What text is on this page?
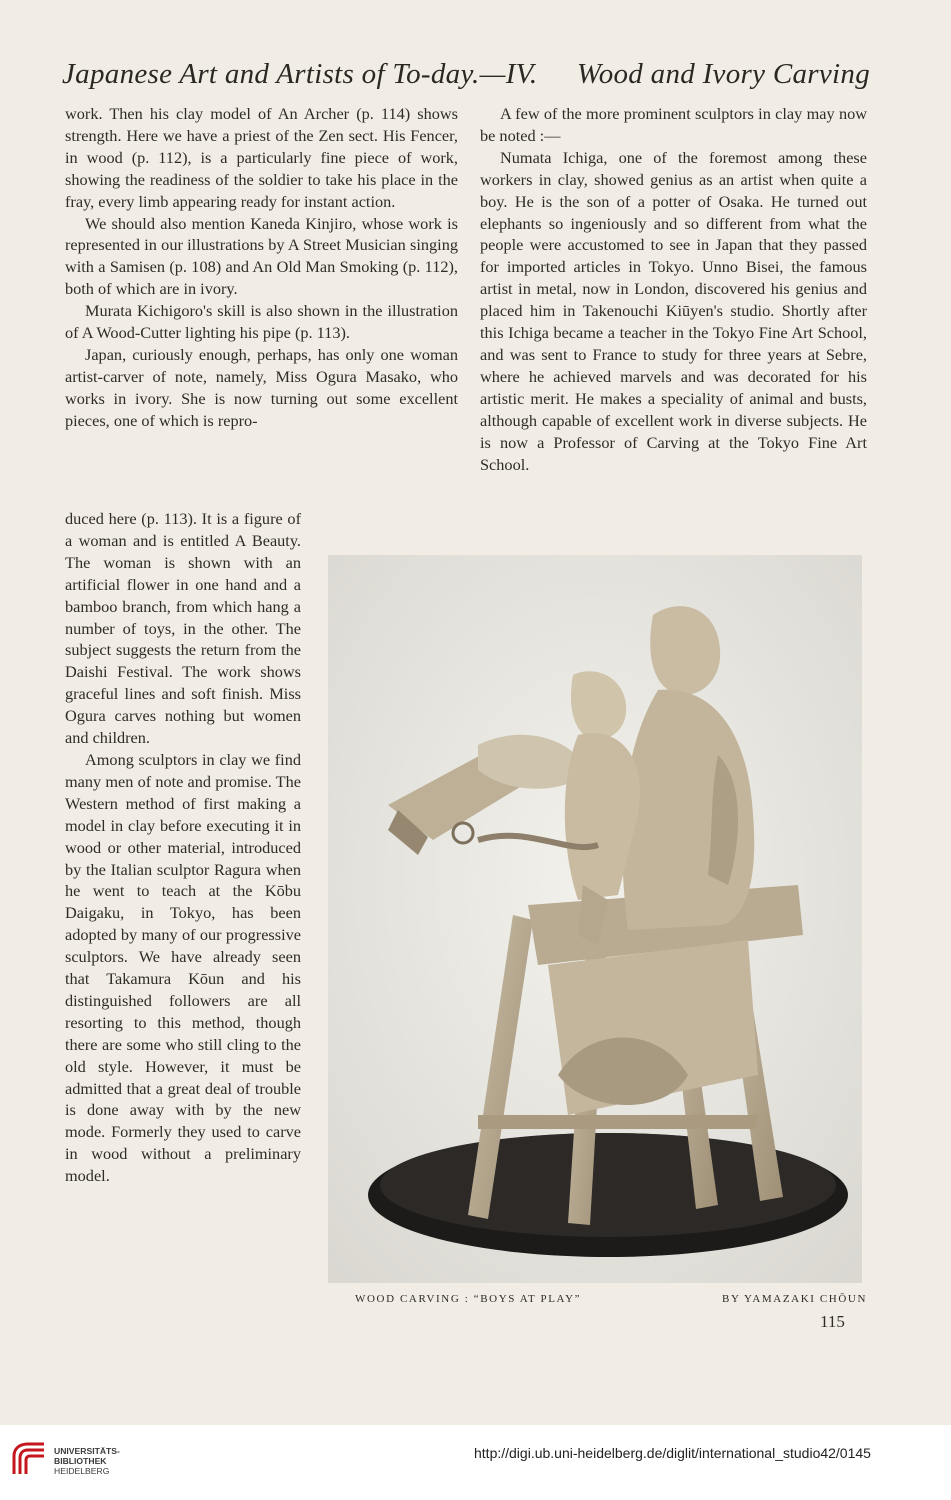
Japanese Art and Artists of To-day.—IV. Wood and Ivory Carving

work. Then his clay model of An Archer (p. 114) shows strength. Here we have a priest of the Zen sect. His Fencer, in wood (p. 112), is a particularly fine piece of work, showing the readiness of the soldier to take his place in the fray, every limb appearing ready for instant action.

We should also mention Kaneda Kinjiro, whose work is represented in our illustrations by A Street Musician singing with a Samisen (p. 108) and An Old Man Smoking (p. 112), both of which are in ivory.

Murata Kichigoro's skill is also shown in the illustration of A Wood-Cutter lighting his pipe (p. 113).

Japan, curiously enough, perhaps, has only one woman artist-carver of note, namely, Miss Ogura Masako, who works in ivory. She is now turning out some excellent pieces, one of which is repro-

duced here (p. 113). It is a figure of a woman and is entitled A Beauty. The woman is shown with an artificial flower in one hand and a bamboo branch, from which hang a number of toys, in the other. The subject suggests the return from the Daishi Festival. The work shows graceful lines and soft finish. Miss Ogura carves nothing but women and children.

Among sculptors in clay we find many men of note and promise. The Western method of first making a model in clay before executing it in wood or other material, introduced by the Italian sculptor Ragura when he went to teach at the Kōbu Daigaku, in Tokyo, has been adopted by many of our progressive sculptors. We have already seen that Takamura Kōun and his distinguished followers are all resorting to this method, though there are some who still cling to the old style. However, it must be admitted that a great deal of trouble is done away with by the new mode. Formerly they used to carve in wood without a preliminary model.

A few of the more prominent sculptors in clay may now be noted :—

Numata Ichiga, one of the foremost among these workers in clay, showed genius as an artist when quite a boy. He is the son of a potter of Osaka. He turned out elephants so ingeniously and so different from what the people were accustomed to see in Japan that they passed for imported articles in Tokyo. Unno Bisei, the famous artist in metal, now in London, discovered his genius and placed him in Takenouchi Kiūyen's studio. Shortly after this Ichiga became a teacher in the Tokyo Fine Art School, and was sent to France to study for three years at Sebre, where he achieved marvels and was decorated for his artistic merit. He makes a speciality of animal and busts, although capable of excellent work in diverse subjects. He is now a Professor of Carving at the Tokyo Fine Art School.

WOOD CARVING : “BOYS AT PLAY”	BY YAMAZAKI CHŌUN
115
UNIVERSITÄTS-
BIBLIOTHEK
HEIDELBERG
http://digi.ub.uni-heidelberg.de/diglit/international_studio42/0145
